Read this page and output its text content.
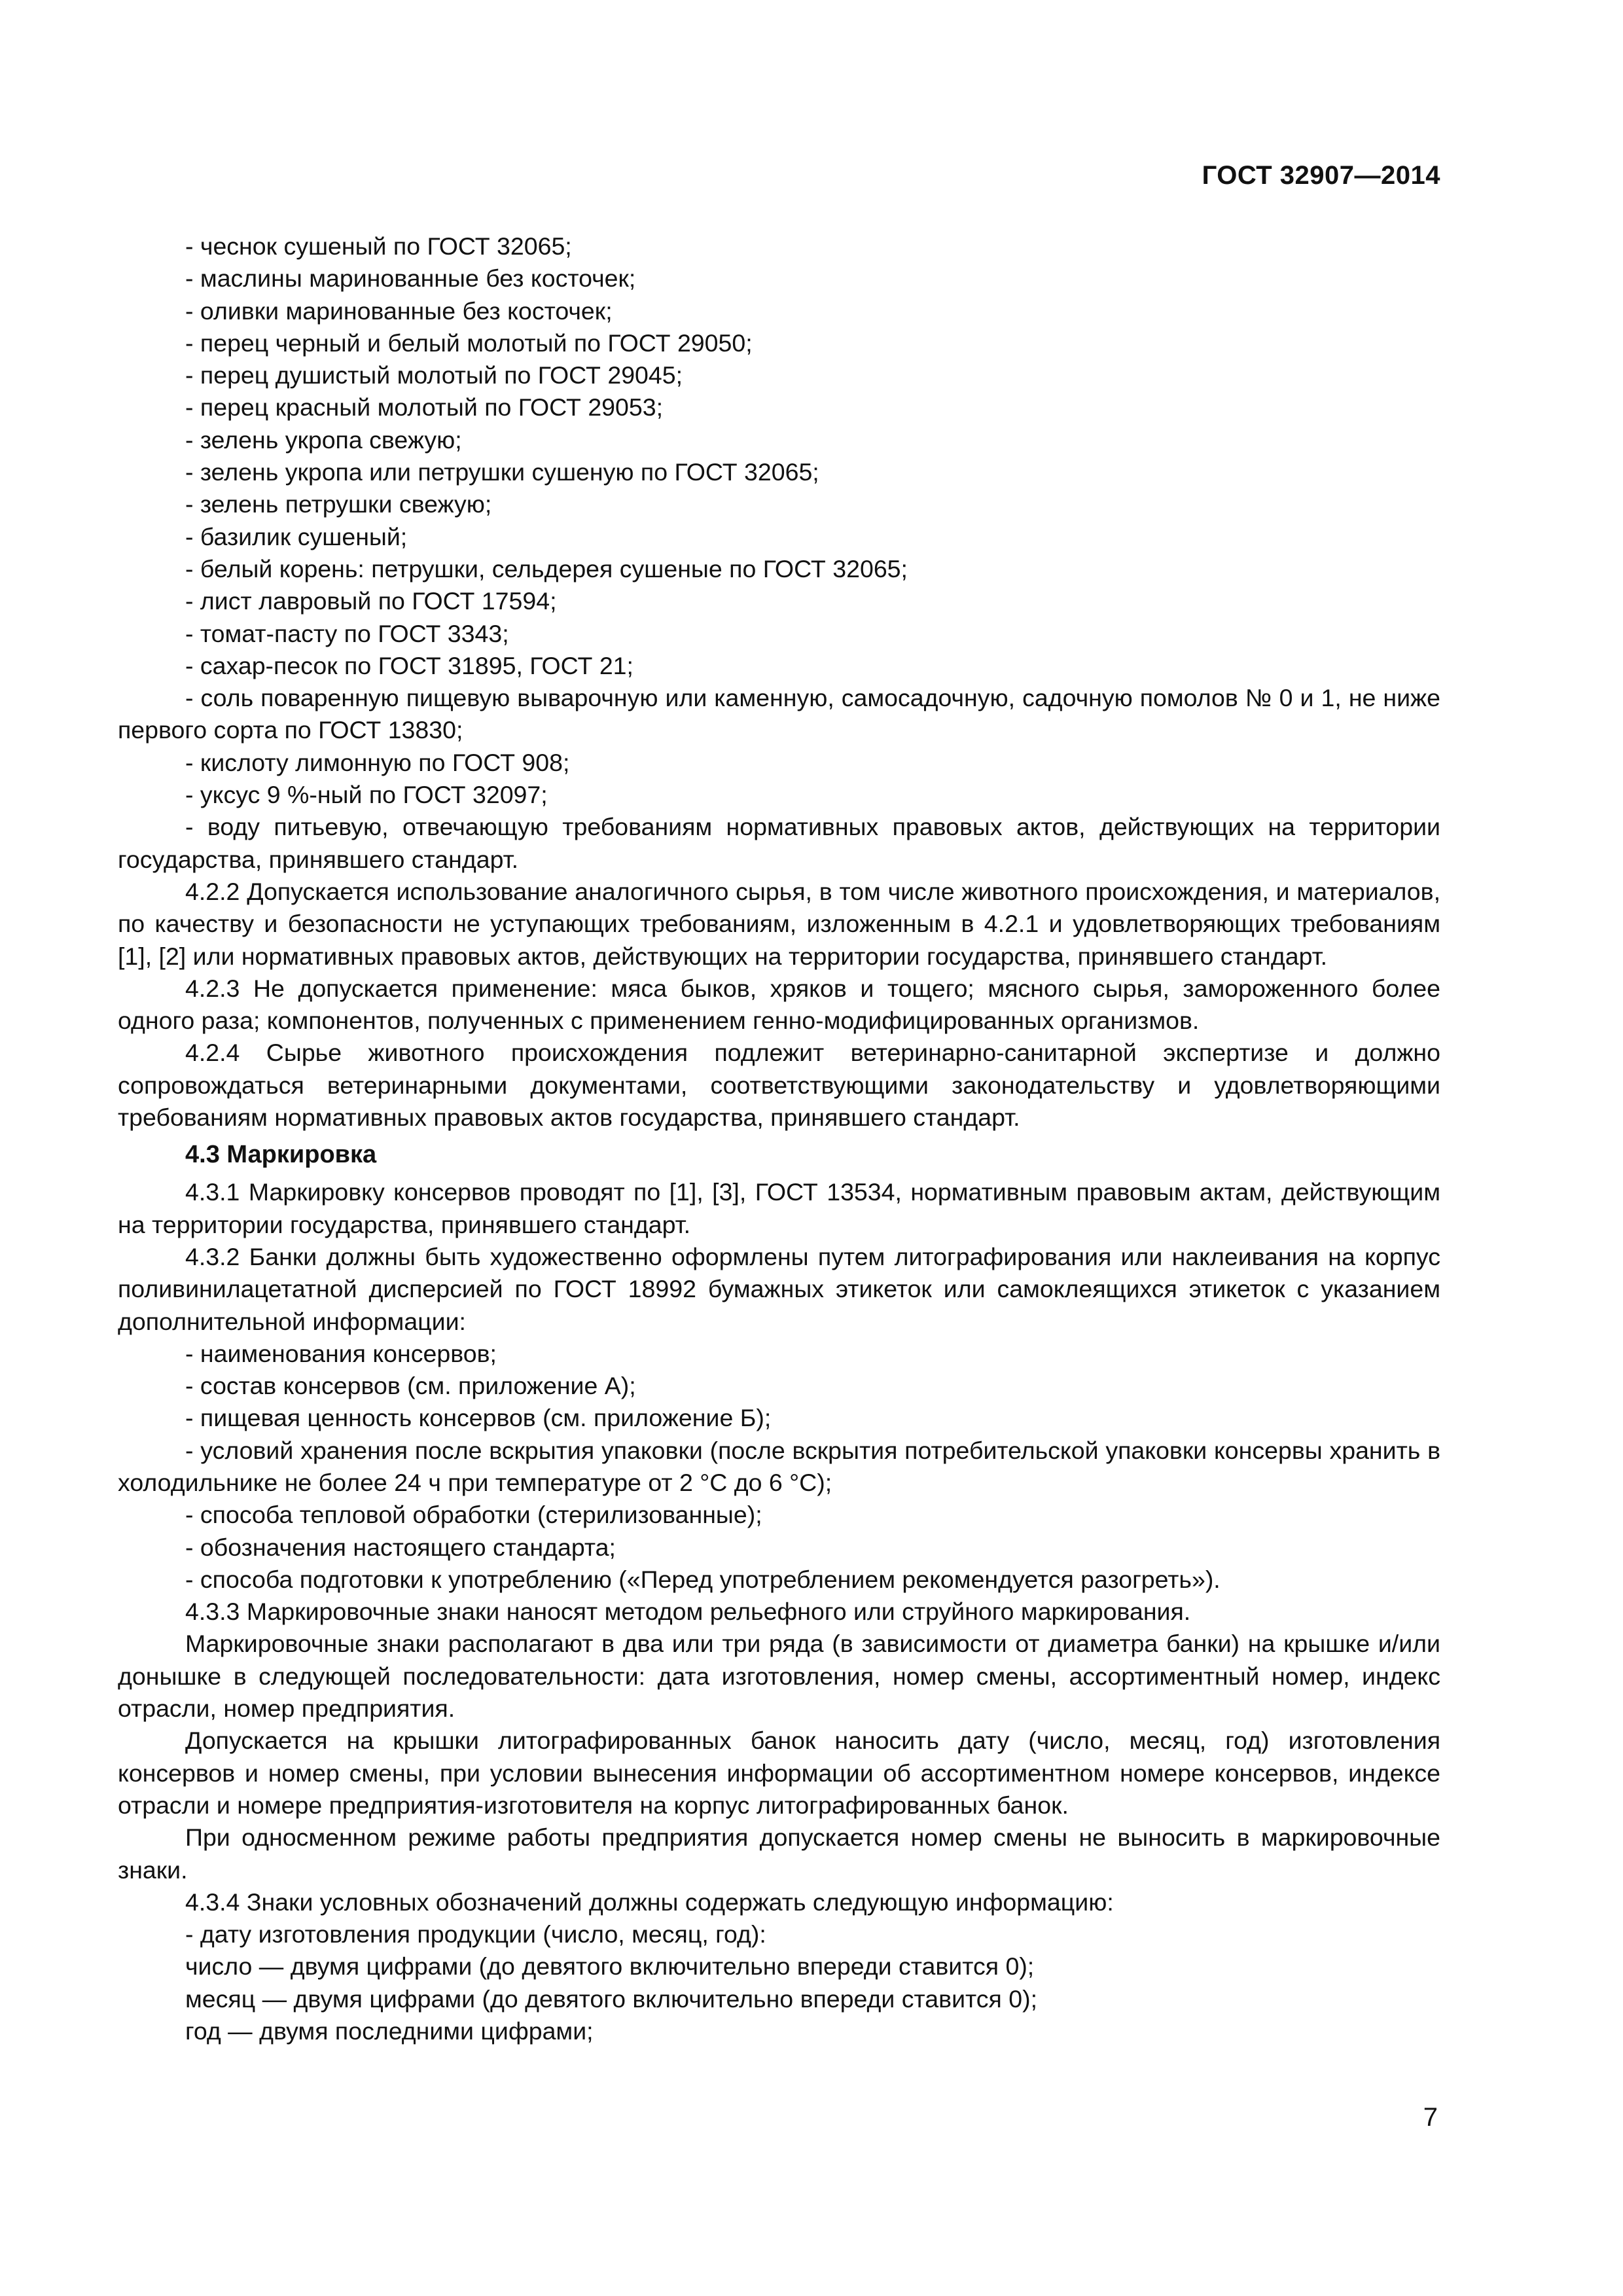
ГОСТ 32907—2014

- чеснок сушеный по ГОСТ 32065;

- маслины маринованные без косточек;

- оливки маринованные без косточек;

- перец черный и белый молотый по ГОСТ 29050;

- перец душистый молотый по ГОСТ 29045;

- перец красный молотый по ГОСТ 29053;

- зелень укропа свежую;

- зелень укропа или петрушки сушеную по ГОСТ 32065;

- зелень петрушки свежую;

- базилик сушеный;

- белый корень: петрушки, сельдерея сушеные по ГОСТ 32065;

- лист лавровый по ГОСТ 17594;

- томат-пасту по ГОСТ 3343;

- сахар-песок по ГОСТ 31895, ГОСТ 21;

- соль поваренную пищевую выварочную или каменную, самосадочную, садочную помолов № 0 и 1, не ниже первого сорта по ГОСТ 13830;

- кислоту лимонную по ГОСТ 908;

- уксус 9 %-ный по ГОСТ 32097;

- воду питьевую, отвечающую требованиям нормативных правовых актов, действующих на территории государства, принявшего стандарт.

4.2.2 Допускается использование аналогичного сырья, в том числе животного происхождения, и материалов, по качеству и безопасности не уступающих требованиям, изложенным в 4.2.1 и удовлетворяющих требованиям [1], [2] или нормативных правовых актов, действующих на территории государства, принявшего стандарт.

4.2.3 Не допускается применение: мяса быков, хряков и тощего; мясного сырья, замороженного более одного раза; компонентов, полученных с применением генно-модифицированных организмов.

4.2.4 Сырье животного происхождения подлежит ветеринарно-санитарной экспертизе и должно сопровождаться ветеринарными документами, соответствующими законодательству и удовлетворяющими требованиям нормативных правовых актов государства, принявшего стандарт.

4.3 Маркировка

4.3.1 Маркировку консервов проводят по [1], [3], ГОСТ 13534, нормативным правовым актам, действующим на территории государства, принявшего стандарт.

4.3.2 Банки должны быть художественно оформлены путем литографирования или наклеивания на корпус поливинилацетатной дисперсией по ГОСТ 18992 бумажных этикеток или самоклеящихся этикеток с указанием дополнительной информации:

- наименования консервов;

- состав консервов (см. приложение А);

- пищевая ценность консервов (см. приложение Б);

- условий хранения после вскрытия упаковки (после вскрытия потребительской упаковки консервы хранить в холодильнике не более 24 ч при температуре от 2 °С до 6 °С);

- способа тепловой обработки (стерилизованные);

- обозначения настоящего стандарта;

- способа подготовки к употреблению («Перед употреблением рекомендуется разогреть»).

4.3.3 Маркировочные знаки наносят методом рельефного или струйного маркирования.

Маркировочные знаки располагают в два или три ряда (в зависимости от диаметра банки) на крышке и/или донышке в следующей последовательности: дата изготовления, номер смены, ассортиментный номер, индекс отрасли, номер предприятия.

Допускается на крышки литографированных банок наносить дату (число, месяц, год) изготовления консервов и номер смены, при условии вынесения информации об ассортиментном номере консервов, индексе отрасли и номере предприятия-изготовителя на корпус литографированных банок.

При односменном режиме работы предприятия допускается номер смены не выносить в маркировочные знаки.

4.3.4 Знаки условных обозначений должны содержать следующую информацию:

- дату изготовления продукции (число, месяц, год):

число — двумя цифрами (до девятого включительно впереди ставится 0);

месяц — двумя цифрами (до девятого включительно впереди ставится 0);

год — двумя последними цифрами;

7
